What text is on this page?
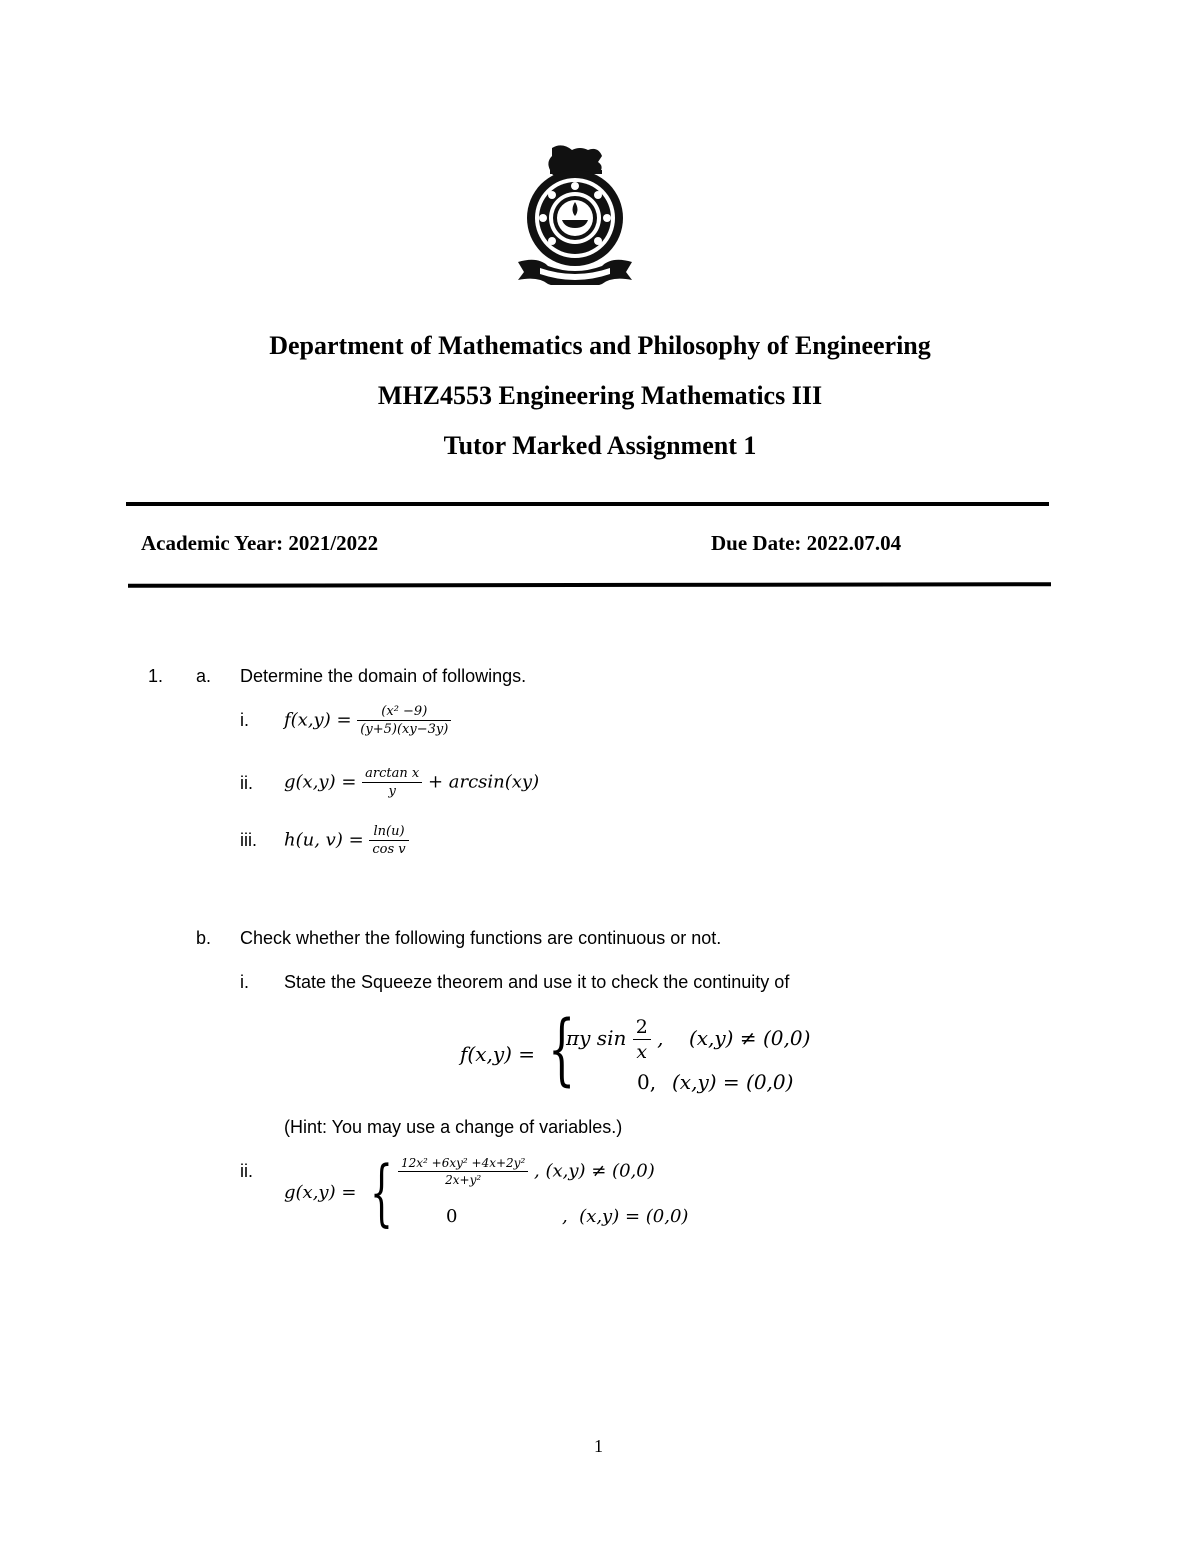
Department of Mathematics and Philosophy of Engineering
MHZ4553 Engineering Mathematics III
Tutor Marked Assignment 1
Academic Year: 2021/2022	Due Date: 2022.07.04
1. a. Determine the domain of followings.
i. $f(x,y) = \frac{\text{(x² −9)}}{(y+5)(xy-3y)}$
ii. $g(x,y) = \frac{\text{arctan x}}{y} + \arcsin(xy)$
iii. h(u, $v) = \frac{\ln(u)}{\text{cos v}}$
b. Check whether the following functions are continuous or not.
i. State the Squeeze theorem and use it to check the continuity of
f(x,y) = {
πy $\sin \frac{2}{x}$ ,    (x,y) ≠ (0,0)
0, (x,y) = (0,0)
(Hint: You may use a change of variables.)
ii.
g(x,y) = { $\frac{\text{12x² +6xy² +4x+2y²}}{\text{2x+y²}}$ , (x,y) ≠ (0,0)
0	,  (x,y) = (0,0)
1
